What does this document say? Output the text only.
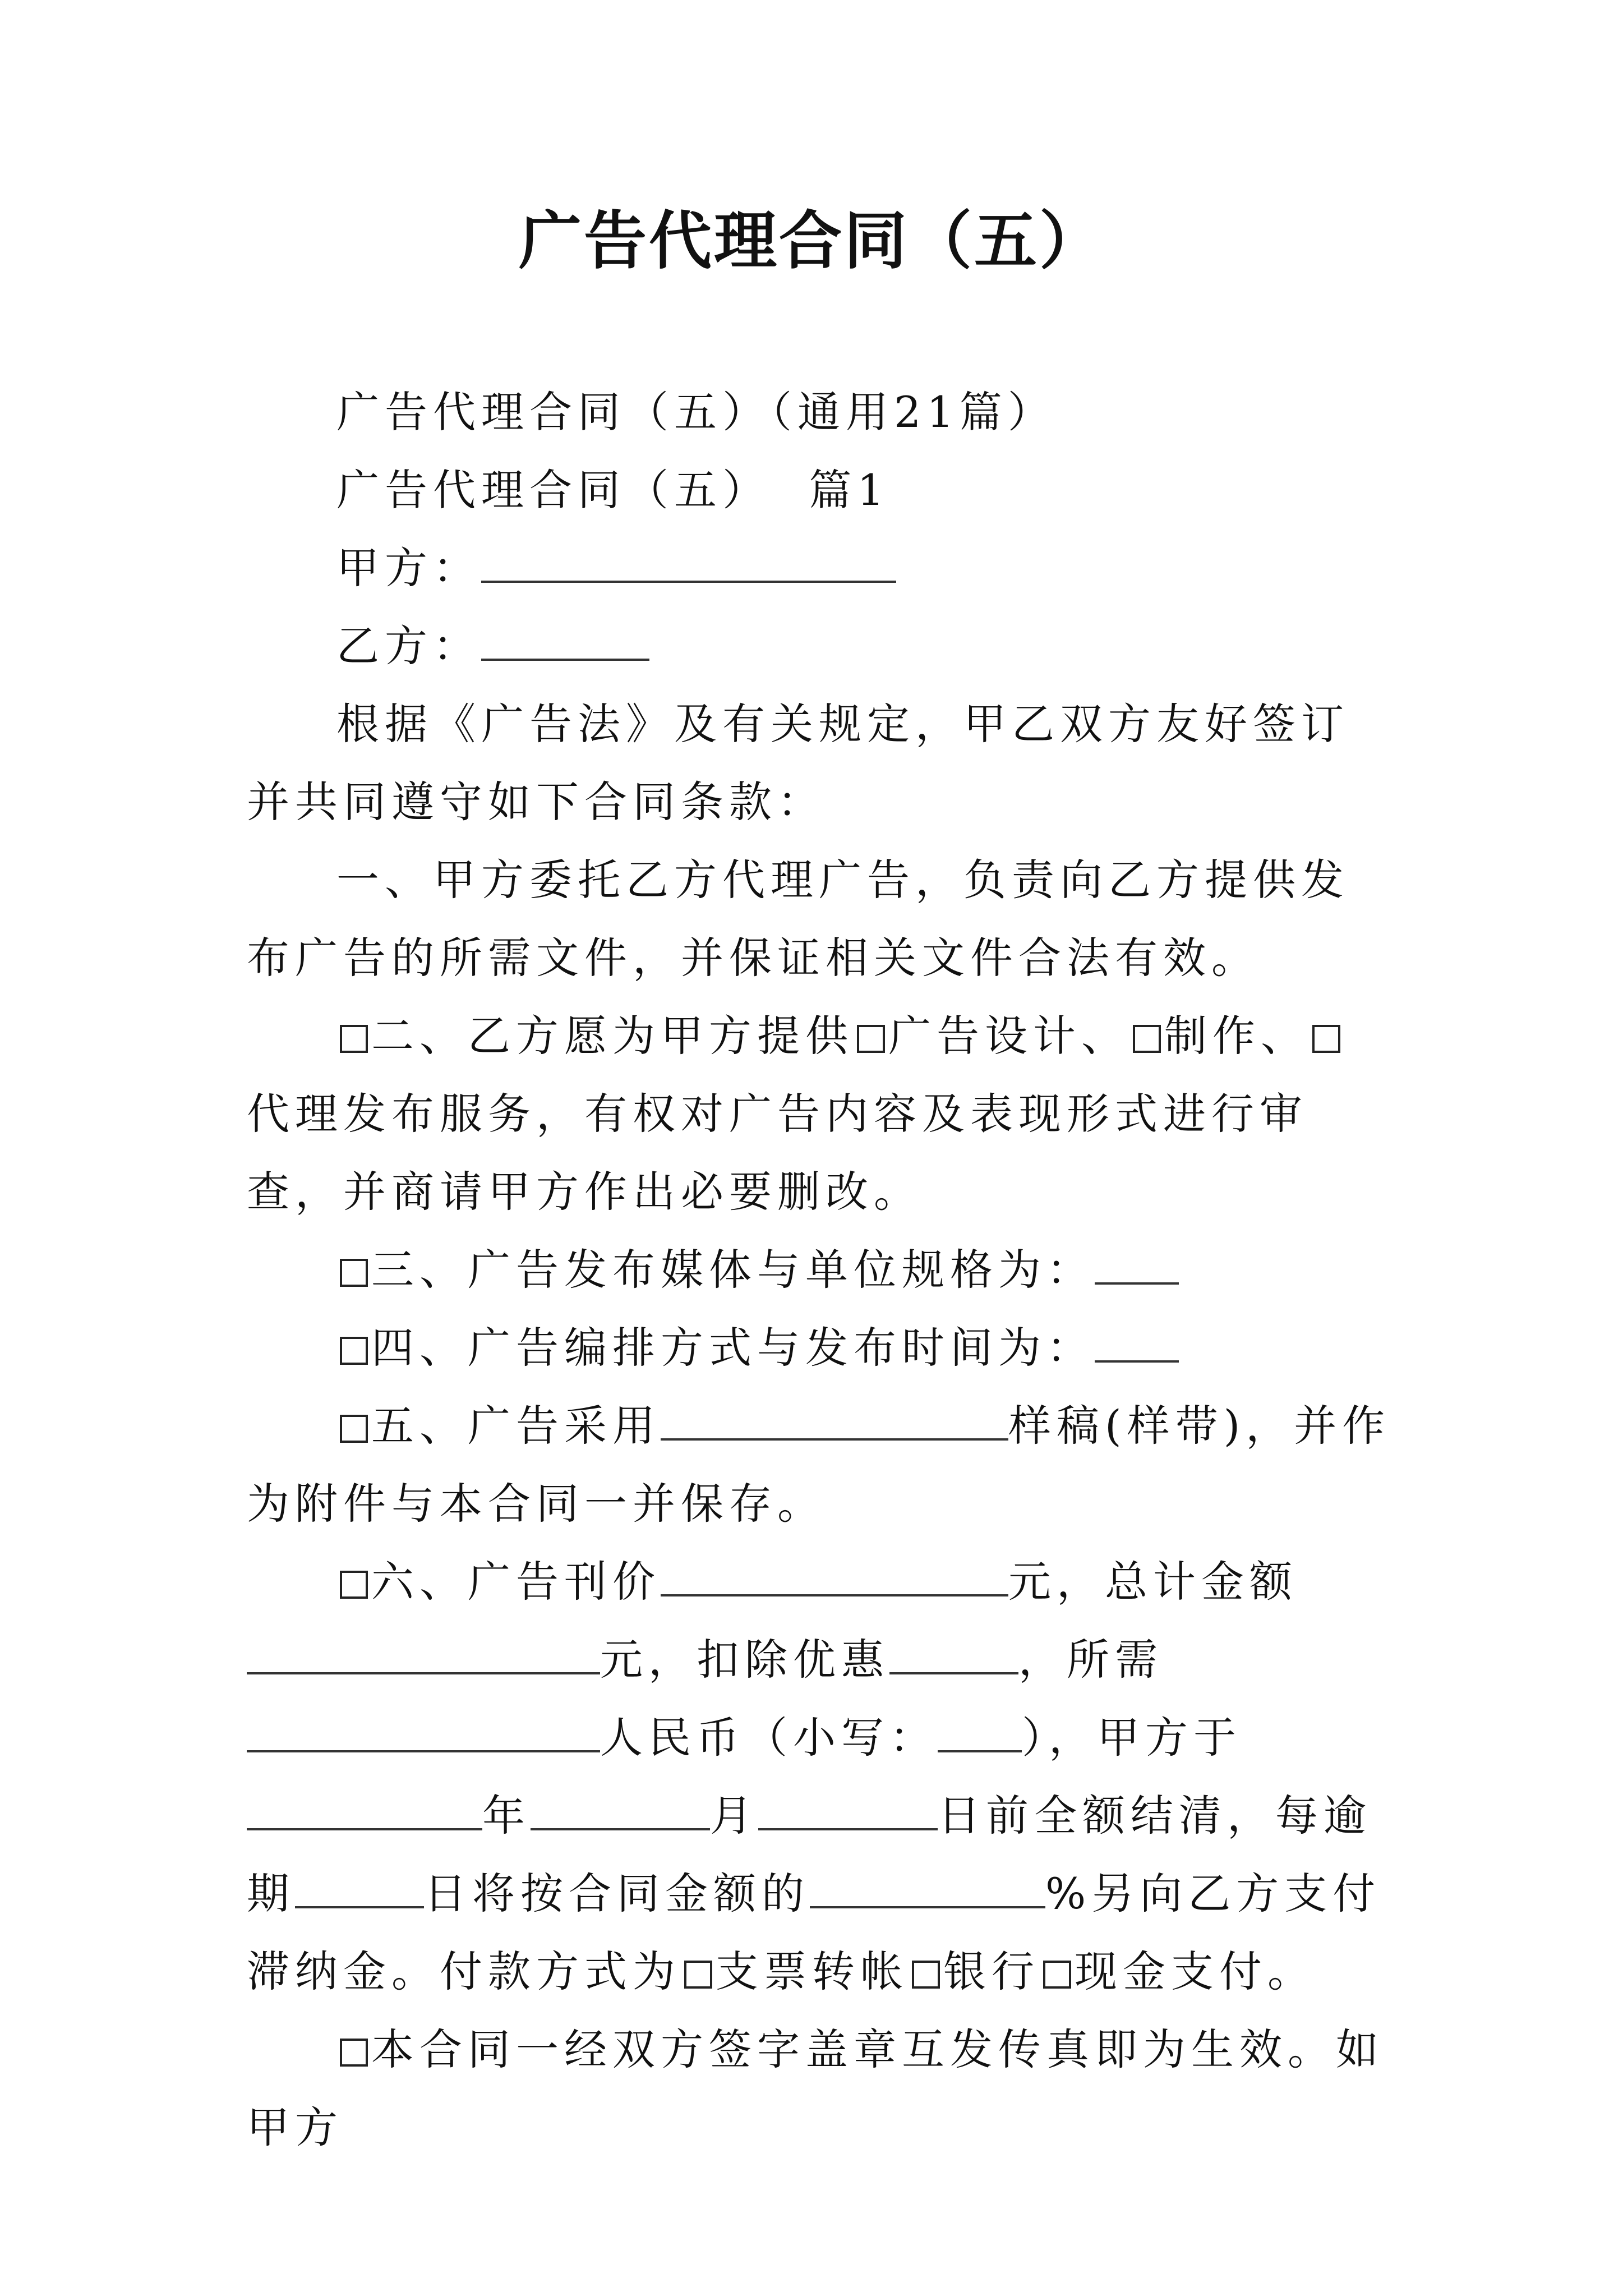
广告代理合同（五）

广告代理合同（五）（通用21篇）

广告代理合同（五）  篇1

甲方：

乙方：

根据《广告法》及有关规定，甲乙双方友好签订并共同遵守如下合同条款：

一、甲方委托乙方代理广告，负责向乙方提供发布广告的所需文件，并保证相关文件合法有效。

二、乙方愿为甲方提供 广告设计、 制作、代理发布服务，有权对广告内容及表现形式进行审查，并商请甲方作出必要删改。

三、广告发布媒体与单位规格为：

四、广告编排方式与发布时间为：

五、广告采用	样稿(样带)，并作为附件与本合同一并保存。

六、广告刊价	元，总计金额元，扣除优惠	，所需人民币（小写： ），甲方于年	月	日前全额结清，每逾期	日将按合同金额的	%另向乙方支付滞纳金。付款方式为 支票转帐 银行 现金支付。

本合同一经双方签字盖章互发传真即为生效。如甲方
